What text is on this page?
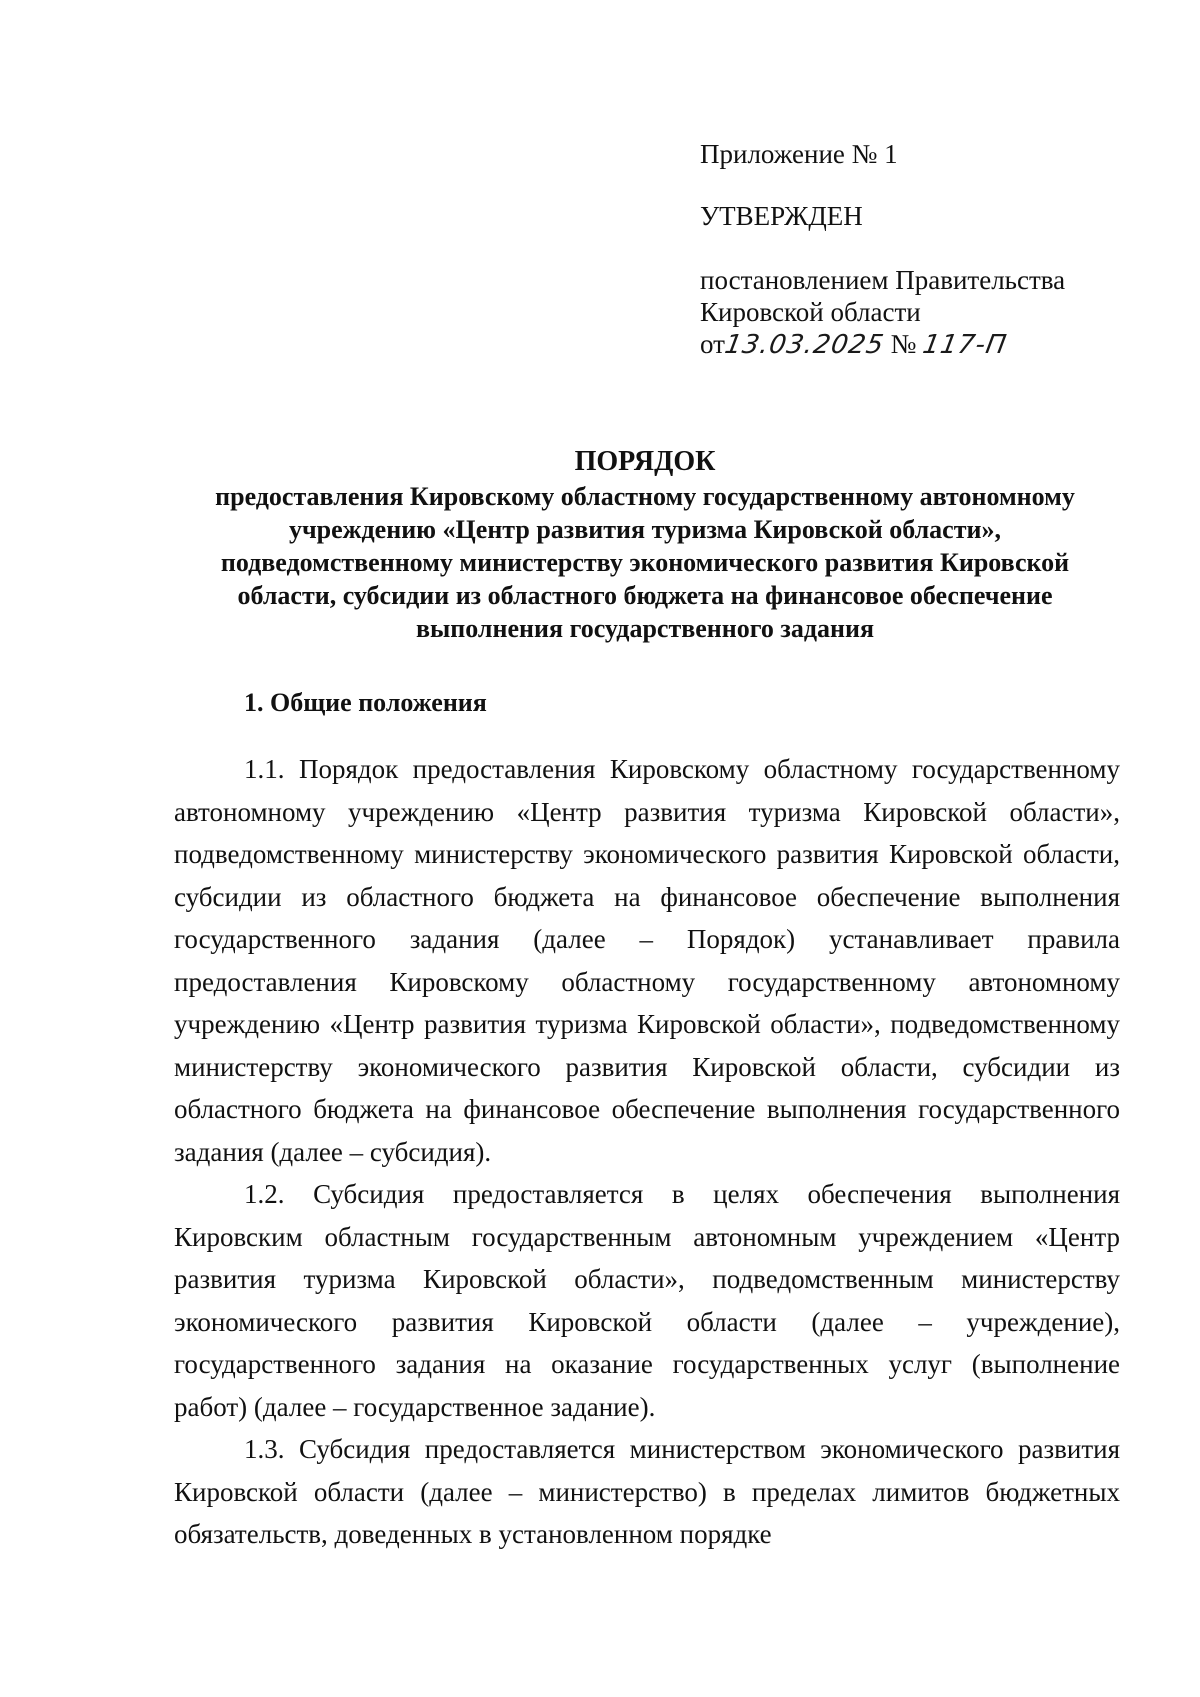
Приложение № 1
УТВЕРЖДЕН
постановлением Правительства
Кировской области
от13.03.2025 № 117-П
ПОРЯДОК
предоставления Кировскому областному государственному автономному
учреждению «Центр развития туризма Кировской области»,
подведомственному министерству экономического развития Кировской
области, субсидии из областного бюджета на финансовое обеспечение
выполнения государственного задания
1. Общие положения

1.1. Порядок предоставления Кировскому областному государственному автономному учреждению «Центр развития туризма Кировской области», подведомственному министерству экономического развития Кировской области, субсидии из областного бюджета на финансовое обеспечение выполнения государственного задания (далее – Порядок) устанавливает правила предоставления Кировскому областному государственному автономному учреждению «Центр развития туризма Кировской области», подведомственному министерству экономического развития Кировской области, субсидии из областного бюджета на финансовое обеспечение выполнения государственного задания (далее – субсидия).

1.2. Субсидия предоставляется в целях обеспечения выполнения Кировским областным государственным автономным учреждением «Центр развития туризма Кировской области», подведомственным министерству экономического развития Кировской области (далее – учреждение), государственного задания на оказание государственных услуг (выполнение работ) (далее – государственное задание).

1.3. Субсидия предоставляется министерством экономического развития Кировской области (далее – министерство) в пределах лимитов бюджетных обязательств, доведенных в установленном порядке
